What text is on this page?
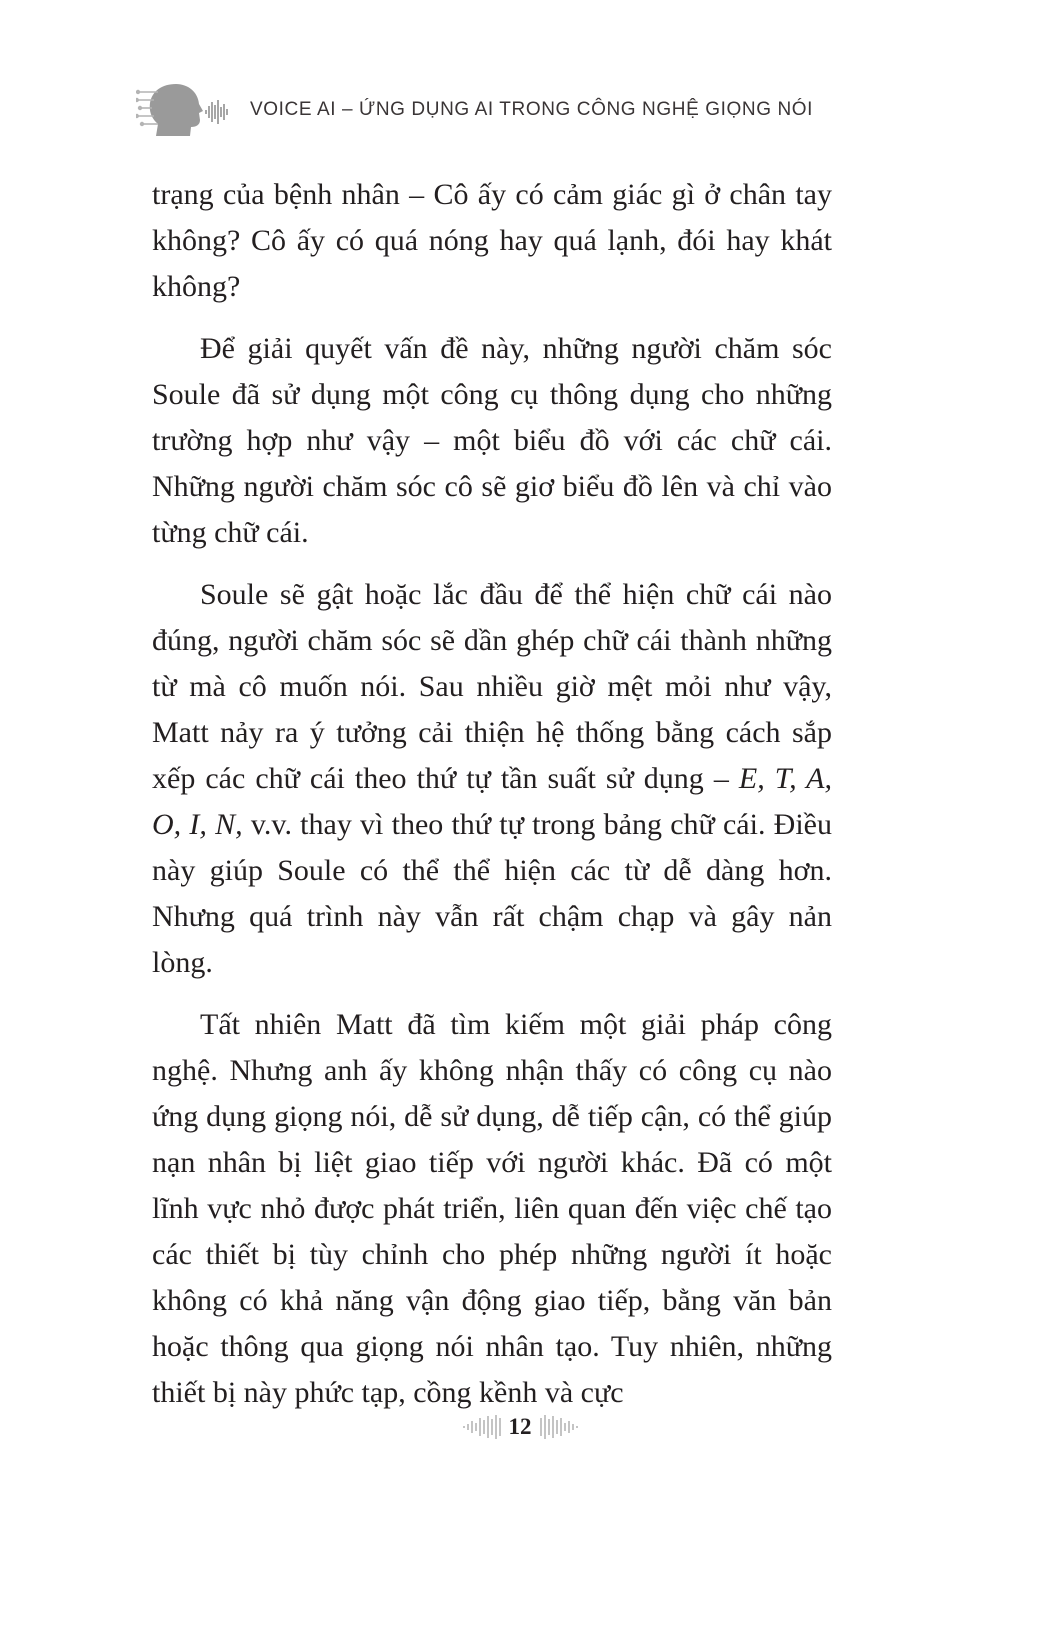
VOICE AI – ỨNG DỤNG AI TRONG CÔNG NGHỆ GIỌNG NÓI

trạng của bệnh nhân – Cô ấy có cảm giác gì ở chân tay không? Cô ấy có quá nóng hay quá lạnh, đói hay khát không?

Để giải quyết vấn đề này, những người chăm sóc Soule đã sử dụng một công cụ thông dụng cho những trường hợp như vậy – một biểu đồ với các chữ cái. Những người chăm sóc cô sẽ giơ biểu đồ lên và chỉ vào từng chữ cái.

Soule sẽ gật hoặc lắc đầu để thể hiện chữ cái nào đúng, người chăm sóc sẽ dần ghép chữ cái thành những từ mà cô muốn nói. Sau nhiều giờ mệt mỏi như vậy, Matt nảy ra ý tưởng cải thiện hệ thống bằng cách sắp xếp các chữ cái theo thứ tự tần suất sử dụng – E, T, A, O, I, N, v.v. thay vì theo thứ tự trong bảng chữ cái. Điều này giúp Soule có thể thể hiện các từ dễ dàng hơn. Nhưng quá trình này vẫn rất chậm chạp và gây nản lòng.

Tất nhiên Matt đã tìm kiếm một giải pháp công nghệ. Nhưng anh ấy không nhận thấy có công cụ nào ứng dụng giọng nói, dễ sử dụng, dễ tiếp cận, có thể giúp nạn nhân bị liệt giao tiếp với người khác. Đã có một lĩnh vực nhỏ được phát triển, liên quan đến việc chế tạo các thiết bị tùy chỉnh cho phép những người ít hoặc không có khả năng vận động giao tiếp, bằng văn bản hoặc thông qua giọng nói nhân tạo. Tuy nhiên, những thiết bị này phức tạp, cồng kềnh và cực

12
